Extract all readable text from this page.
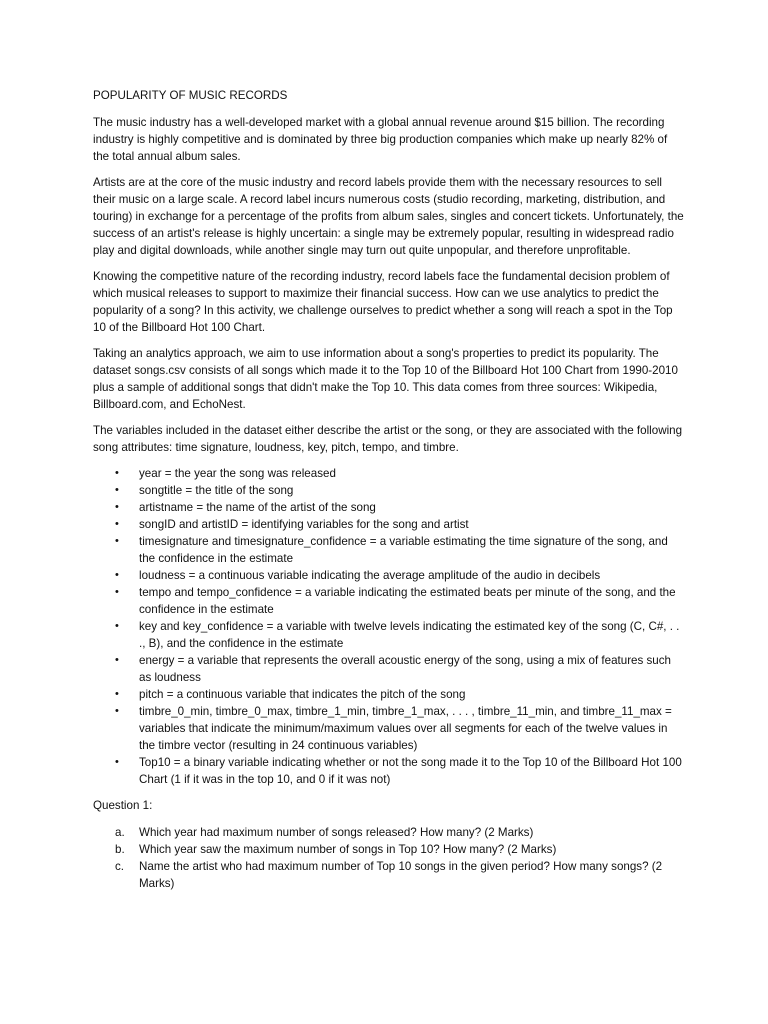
POPULARITY OF MUSIC RECORDS

The music industry has a well-developed market with a global annual revenue around $15 billion. The recording industry is highly competitive and is dominated by three big production companies which make up nearly 82% of the total annual album sales.

Artists are at the core of the music industry and record labels provide them with the necessary resources to sell their music on a large scale. A record label incurs numerous costs (studio recording, marketing, distribution, and touring) in exchange for a percentage of the profits from album sales, singles and concert tickets. Unfortunately, the success of an artist's release is highly uncertain: a single may be extremely popular, resulting in widespread radio play and digital downloads, while another single may turn out quite unpopular, and therefore unprofitable.

Knowing the competitive nature of the recording industry, record labels face the fundamental decision problem of which musical releases to support to maximize their financial success. How can we use analytics to predict the popularity of a song? In this activity, we challenge ourselves to predict whether a song will reach a spot in the Top 10 of the Billboard Hot 100 Chart.

Taking an analytics approach, we aim to use information about a song's properties to predict its popularity. The dataset songs.csv consists of all songs which made it to the Top 10 of the Billboard Hot 100 Chart from 1990-2010 plus a sample of additional songs that didn't make the Top 10. This data comes from three sources: Wikipedia, Billboard.com, and EchoNest.

The variables included in the dataset either describe the artist or the song, or they are associated with the following song attributes: time signature, loudness, key, pitch, tempo, and timbre.

• year = the year the song was released
• songtitle = the title of the song
• artistname = the name of the artist of the song
• songID and artistID = identifying variables for the song and artist
• timesignature and timesignature_confidence = a variable estimating the time signature of the song, and the confidence in the estimate
• loudness = a continuous variable indicating the average amplitude of the audio in decibels
• tempo and tempo_confidence = a variable indicating the estimated beats per minute of the song, and the confidence in the estimate
• key and key_confidence = a variable with twelve levels indicating the estimated key of the song (C, C#, . . ., B), and the confidence in the estimate
• energy = a variable that represents the overall acoustic energy of the song, using a mix of features such as loudness
• pitch = a continuous variable that indicates the pitch of the song
• timbre_0_min, timbre_0_max, timbre_1_min, timbre_1_max, . . . , timbre_11_min, and timbre_11_max = variables that indicate the minimum/maximum values over all segments for each of the twelve values in the timbre vector (resulting in 24 continuous variables)
• Top10 = a binary variable indicating whether or not the song made it to the Top 10 of the Billboard Hot 100 Chart (1 if it was in the top 10, and 0 if it was not)
Question 1:
a. Which year had maximum number of songs released? How many? (2 Marks)
b. Which year saw the maximum number of songs in Top 10? How many? (2 Marks)
c. Name the artist who had maximum number of Top 10 songs in the given period? How many songs? (2 Marks)
